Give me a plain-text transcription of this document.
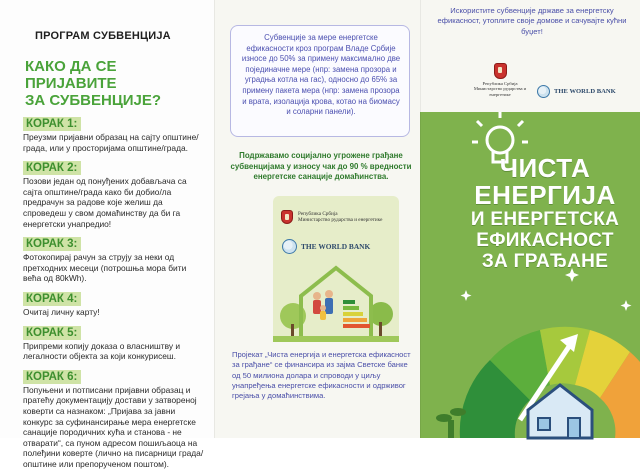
ПРОГРАМ СУБВЕНЦИЈА
КАКО ДА СЕ ПРИЈАВИТЕ
ЗА СУБВЕНЦИЈЕ?
КОРАК 1:
Преузми пријавни образац на сајту општине/града, или у просторијама општине/града.
КОРАК 2:
Позови један од понуђених добављача са сајта општине/града како би добио/ла предрачун за радове које желиш да спроведеш у свом домаћинству да би га енергетски унапредио!
КОРАК 3:
Фотокопирај рачун за струју за неки од претходних месеци (потрошња мора бити већа од 80kWh).
КОРАК 4:
Очитај личну карту!
КОРАК 5:
Припреми копију доказа о власништву и легалности објекта за који конкурисеш.
КОРАК 6:
Попуњени и потписани пријавни образац и пратећу документацију достави у затвореној коверти са назнаком: „Пријава за јавни конкурс за суфинансирање мера енергетске санације породичних кућа и станова - не отварати“, са пуном адресом пошиљаоца на полеђини коверте (лично на писарници града/општине или препорученом поштом).
Субвенције за мере енергетске ефикасности кроз програм Владе Србије износе до 50% за примену максимално две појединачне мере (нпр: замена прозора и уградња котла на гас), односно до 65% за примену пакета мера (нпр: замена прозора и врата, изолација крова, котао на биомасу и соларни панели).
Подржавамо социјално угрожене грађане субвенцијама у износу чак до 90 % вредности енергетске санације домаћинства.
Република Србија
Министарство рударства и енергетике
THE WORLD BANK
Пројекат „Чиста енергија и енергетска ефикасност за грађане“ се финансира из зајма Светске банке од 50 милиона долара и спроводи у циљу унапређења енергетске ефикасности и одрживог грејања у домаћинствима.
Искористите субвенције државе за енергетску ефикасност, утоплите своје домове и сачувајте кућни буџет!
Република Србија
Министарство рударства и енергетике	THE WORLD BANK
ЧИСТА
ЕНЕРГИЈА
И ЕНЕРГЕТСКА
ЕФИКАСНОСТ
ЗА ГРАЂАНЕ
